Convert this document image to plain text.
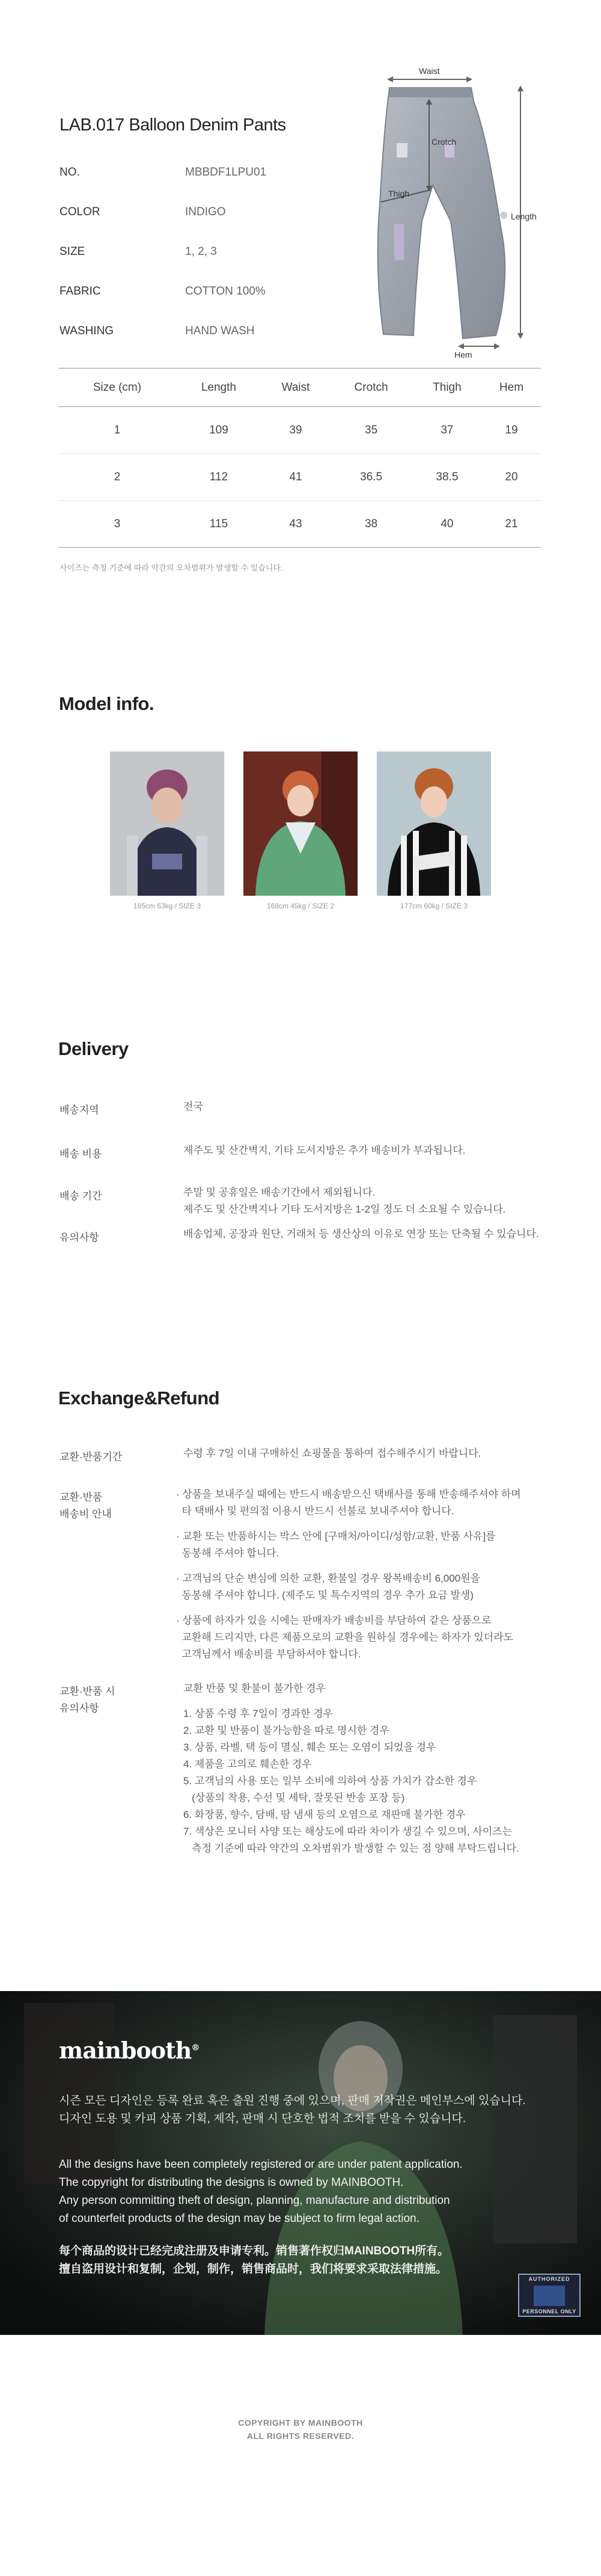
LAB.017 Balloon Denim Pants
NO.	MBBDF1LPU01
COLOR	INDIGO
SIZE	1, 2, 3
FABRIC	COTTON 100%
WASHING	HAND WASH
Waist
Crotch
Thigh
Length
Hem
Size (cm)	Length	Waist	Crotch	Thigh	Hem
1	109	39	35	37	19
2	112	41	36.5	38.5	20
3	115	43	38	40	21
사이즈는 측정 기준에 따라 약간의 오차범위가 발생할 수 있습니다.
Model info.
185cm 63kg / SIZE 3	168cm 45kg / SIZE 2	177cm 60kg / SIZE 3
Delivery
배송지역	전국
배송 비용	제주도 및 산간벽지, 기타 도서지방은 추가 배송비가 부과됩니다.
배송 기간	주말 및 공휴일은 배송기간에서 제외됩니다.
제주도 및 산간벽지나 기타 도서지방은 1-2일 정도 더 소요될 수 있습니다.
유의사항	배송업체, 공장과 원단, 거래처 등 생산상의 이유로 연장 또는 단축될 수 있습니다.
Exchange&Refund
교환·반품기간	수령 후 7일 이내 구매하신 쇼핑몰을 통하여 접수해주시기 바랍니다.
교환·반품
배송비 안내
· 상품을 보내주실 때에는 반드시 배송받으신 택배사를 통해 반송해주셔야 하며
타 택배사 및 편의점 이용시 반드시 선불로 보내주셔야 합니다.
· 교환 또는 반품하시는 박스 안에 [구매처/아이디/성함/교환, 반품 사유]를
동봉해 주셔야 합니다.
· 고객님의 단순 변심에 의한 교환, 환불일 경우 왕복배송비 6,000원을
동봉해 주셔야 합니다. (제주도 및 특수지역의 경우 추가 요금 발생)
· 상품에 하자가 있을 시에는 판매자가 배송비를 부담하여 같은 상품으로
교환해 드리지만, 다른 제품으로의 교환을 원하실 경우에는 하자가 있더라도
고객님께서 배송비를 부담하셔야 합니다.
교환·반품 시
유의사항
교환 반품 및 환불이 불가한 경우
1. 상품 수령 후 7일이 경과한 경우
2. 교환 및 반품이 불가능함을 따로 명시한 경우
3. 상품, 라벨, 택 등이 멸실, 훼손 또는 오염이 되었을 경우
4. 제품을 고의로 훼손한 경우
5. 고객님의 사용 또는 일부 소비에 의하여 상품 가치가 감소한 경우
(상품의 착용, 수선 및 세탁, 잘못된 반송 포장 등)
6. 화장품, 향수, 담배, 땀 냄새 등의 오염으로 재판매 불가한 경우
7. 색상은 모니터 사양 또는 해상도에 따라 차이가 생길 수 있으며, 사이즈는
측정 기준에 따라 약간의 오차범위가 발생할 수 있는 점 양해 부탁드립니다.
mainbooth®
시즌 모든 디자인은 등록 완료 혹은 출원 진행 중에 있으며, 판매 저작권은 메인부스에 있습니다.
디자인 도용 및 카피 상품 기획, 제작, 판매 시 단호한 법적 조치를 받을 수 있습니다.
All the designs have been completely registered or are under patent application.
The copyright for distributing the designs is owned by MAINBOOTH.
Any person committing theft of design, planning, manufacture and distribution
of counterfeit products of the design may be subject to firm legal action.
每个商品的设计已经完成注册及申请专利。销售著作权归MAINBOOTH所有。
擅自盗用设计和复制，企划，制作，销售商品时，我们将要求采取法律措施。
AUTHORIZED
PERSONNEL ONLY
COPYRIGHT BY MAINBOOTH
ALL RIGHTS RESERVED.
